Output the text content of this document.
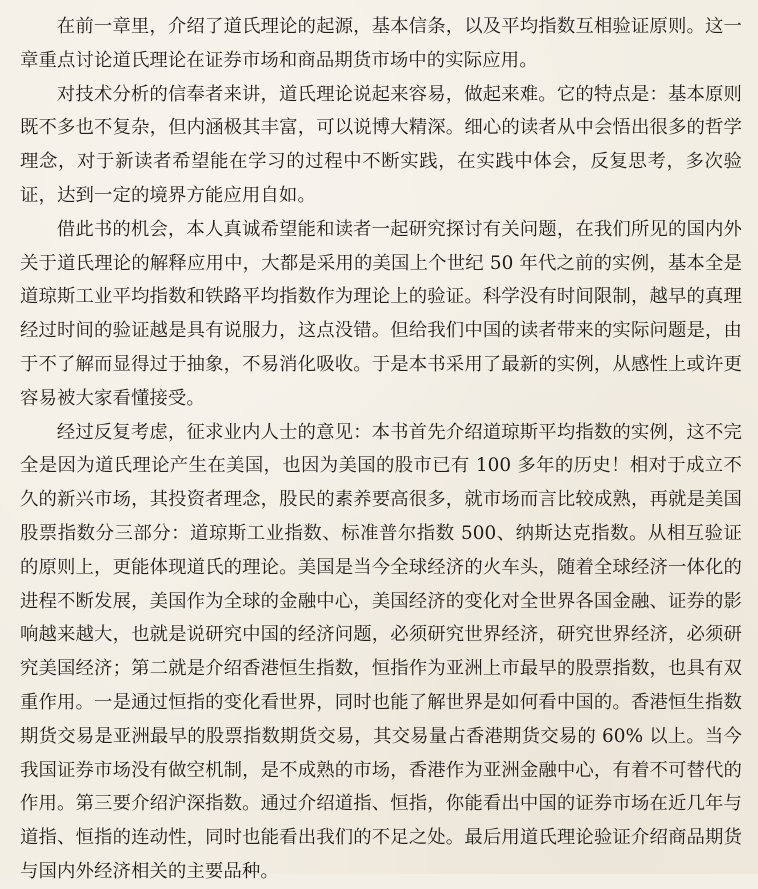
在前一章里，介绍了道氏理论的起源，基本信条，以及平均指数互相验证原则。这一章重点讨论道氏理论在证券市场和商品期货市场中的实际应用。

对技术分析的信奉者来讲，道氏理论说起来容易，做起来难。它的特点是：基本原则既不多也不复杂，但内涵极其丰富，可以说博大精深。细心的读者从中会悟出很多的哲学理念，对于新读者希望能在学习的过程中不断实践，在实践中体会，反复思考，多次验证，达到一定的境界方能应用自如。

借此书的机会，本人真诚希望能和读者一起研究探讨有关问题，在我们所见的国内外关于道氏理论的解释应用中，大都是采用的美国上个世纪 50 年代之前的实例，基本全是道琼斯工业平均指数和铁路平均指数作为理论上的验证。科学没有时间限制，越早的真理经过时间的验证越是具有说服力，这点没错。但给我们中国的读者带来的实际问题是，由于不了解而显得过于抽象，不易消化吸收。于是本书采用了最新的实例，从感性上或许更容易被大家看懂接受。

经过反复考虑，征求业内人士的意见：本书首先介绍道琼斯平均指数的实例，这不完全是因为道氏理论产生在美国，也因为美国的股市已有 100 多年的历史！相对于成立不久的新兴市场，其投资者理念，股民的素养要高很多，就市场而言比较成熟，再就是美国股票指数分三部分：道琼斯工业指数、标准普尔指数 500、纳斯达克指数。从相互验证的原则上，更能体现道氏的理论。美国是当今全球经济的火车头，随着全球经济一体化的进程不断发展，美国作为全球的金融中心，美国经济的变化对全世界各国金融、证券的影响越来越大，也就是说研究中国的经济问题，必须研究世界经济，研究世界经济，必须研究美国经济；第二就是介绍香港恒生指数，恒指作为亚洲上市最早的股票指数，也具有双重作用。一是通过恒指的变化看世界，同时也能了解世界是如何看中国的。香港恒生指数期货交易是亚洲最早的股票指数期货交易，其交易量占香港期货交易的 60% 以上。当今我国证券市场没有做空机制，是不成熟的市场，香港作为亚洲金融中心，有着不可替代的作用。第三要介绍沪深指数。通过介绍道指、恒指，你能看出中国的证券市场在近几年与道指、恒指的连动性，同时也能看出我们的不足之处。最后用道氏理论验证介绍商品期货与国内外经济相关的主要品种。
